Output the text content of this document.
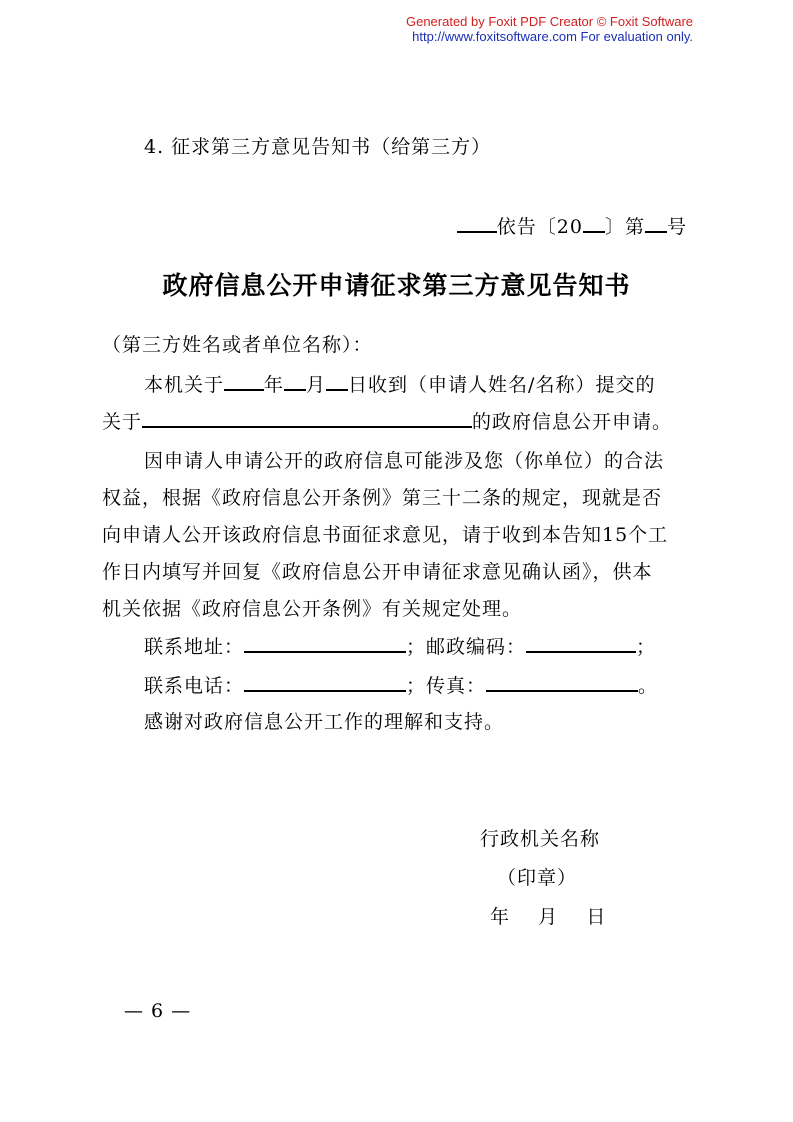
Generated by Foxit PDF Creator © Foxit Software
http://www.foxitsoftware.com For evaluation only.
4. 征求第三方意见告知书（给第三方）
依告〔20 〕第 号
政府信息公开申请征求第三方意见告知书
（第三方姓名或者单位名称）：
本机关于 年 月 日收到（申请人姓名/名称）提交的
关于	的政府信息公开申请。
因申请人申请公开的政府信息可能涉及您（你单位）的合法
权益，根据《政府信息公开条例》第三十二条的规定，现就是否
向申请人公开该政府信息书面征求意见，请于收到本告知15个工
作日内填写并回复《政府信息公开申请征求意见确认函》，供本
机关依据《政府信息公开条例》有关规定处理。
联系地址：	；邮政编码：	；
联系电话：	；传真：	。
感谢对政府信息公开工作的理解和支持。
行政机关名称
（印章）
年    月    日
— 6 —
